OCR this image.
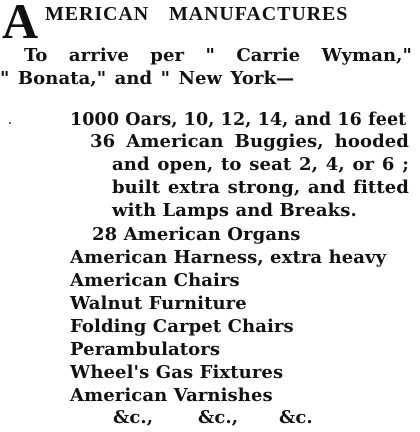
A MERICAN MANUFACTURES
To arrive per " Carrie Wyman,"
" Bonata," and " New York—
1000 Oars, 10, 12, 14, and 16 feet
36 American Buggies, hooded
and open, to seat 2, 4, or 6 ;
built extra strong, and fitted
with Lamps and Breaks.
28 American Organs
American Harness, extra heavy
American Chairs
Walnut Furniture
Folding Carpet Chairs
Perambulators
Wheel's Gas Fixtures
American Varnishes
&c., &c., &c.
